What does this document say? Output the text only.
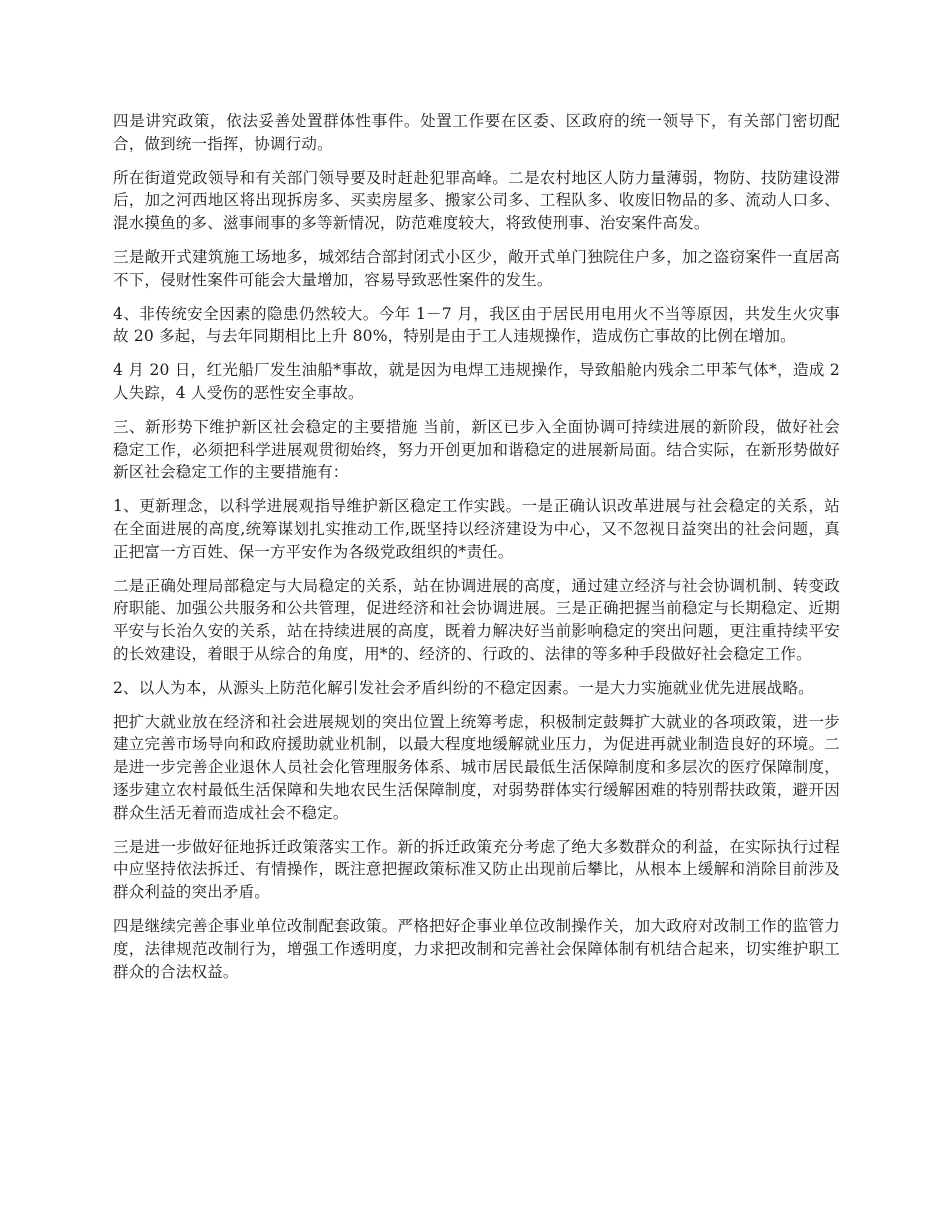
四是讲究政策，依法妥善处置群体性事件。处置工作要在区委、区政府的统一领导下，有关部门密切配合，做到统一指挥，协调行动。

所在街道党政领导和有关部门领导要及时赶赴犯罪高峰。二是农村地区人防力量薄弱，物防、技防建设滞后，加之河西地区将出现拆房多、买卖房屋多、搬家公司多、工程队多、收废旧物品的多、流动人口多、混水摸鱼的多、滋事闹事的多等新情况，防范难度较大，将致使刑事、治安案件高发。

三是敞开式建筑施工场地多，城郊结合部封闭式小区少，敞开式单门独院住户多，加之盗窃案件一直居高不下，侵财性案件可能会大量增加，容易导致恶性案件的发生。

4、非传统安全因素的隐患仍然较大。今年 1－7 月，我区由于居民用电用火不当等原因，共发生火灾事故 20 多起，与去年同期相比上升 80%，特别是由于工人违规操作，造成伤亡事故的比例在增加。

4 月 20 日，红光船厂发生油船*事故，就是因为电焊工违规操作，导致船舱内残余二甲苯气体*，造成 2 人失踪，4 人受伤的恶性安全事故。

三、新形势下维护新区社会稳定的主要措施 当前，新区已步入全面协调可持续进展的新阶段，做好社会稳定工作，必须把科学进展观贯彻始终，努力开创更加和谐稳定的进展新局面。结合实际，在新形势做好新区社会稳定工作的主要措施有：

1、更新理念，以科学进展观指导维护新区稳定工作实践。一是正确认识改革进展与社会稳定的关系，站在全面进展的高度,统筹谋划扎实推动工作,既坚持以经济建设为中心，又不忽视日益突出的社会问题，真正把富一方百姓、保一方平安作为各级党政组织的*责任。

二是正确处理局部稳定与大局稳定的关系，站在协调进展的高度，通过建立经济与社会协调机制、转变政府职能、加强公共服务和公共管理，促进经济和社会协调进展。三是正确把握当前稳定与长期稳定、近期平安与长治久安的关系，站在持续进展的高度，既着力解决好当前影响稳定的突出问题，更注重持续平安的长效建设，着眼于从综合的角度，用*的、经济的、行政的、法律的等多种手段做好社会稳定工作。

2、以人为本，从源头上防范化解引发社会矛盾纠纷的不稳定因素。一是大力实施就业优先进展战略。

把扩大就业放在经济和社会进展规划的突出位置上统筹考虑，积极制定鼓舞扩大就业的各项政策，进一步建立完善市场导向和政府援助就业机制，以最大程度地缓解就业压力，为促进再就业制造良好的环境。二是进一步完善企业退休人员社会化管理服务体系、城市居民最低生活保障制度和多层次的医疗保障制度，逐步建立农村最低生活保障和失地农民生活保障制度，对弱势群体实行缓解困难的特别帮扶政策，避开因群众生活无着而造成社会不稳定。

三是进一步做好征地拆迁政策落实工作。新的拆迁政策充分考虑了绝大多数群众的利益，在实际执行过程中应坚持依法拆迁、有情操作，既注意把握政策标准又防止出现前后攀比，从根本上缓解和消除目前涉及群众利益的突出矛盾。

四是继续完善企事业单位改制配套政策。严格把好企事业单位改制操作关，加大政府对改制工作的监管力度，法律规范改制行为，增强工作透明度，力求把改制和完善社会保障体制有机结合起来，切实维护职工群众的合法权益。
